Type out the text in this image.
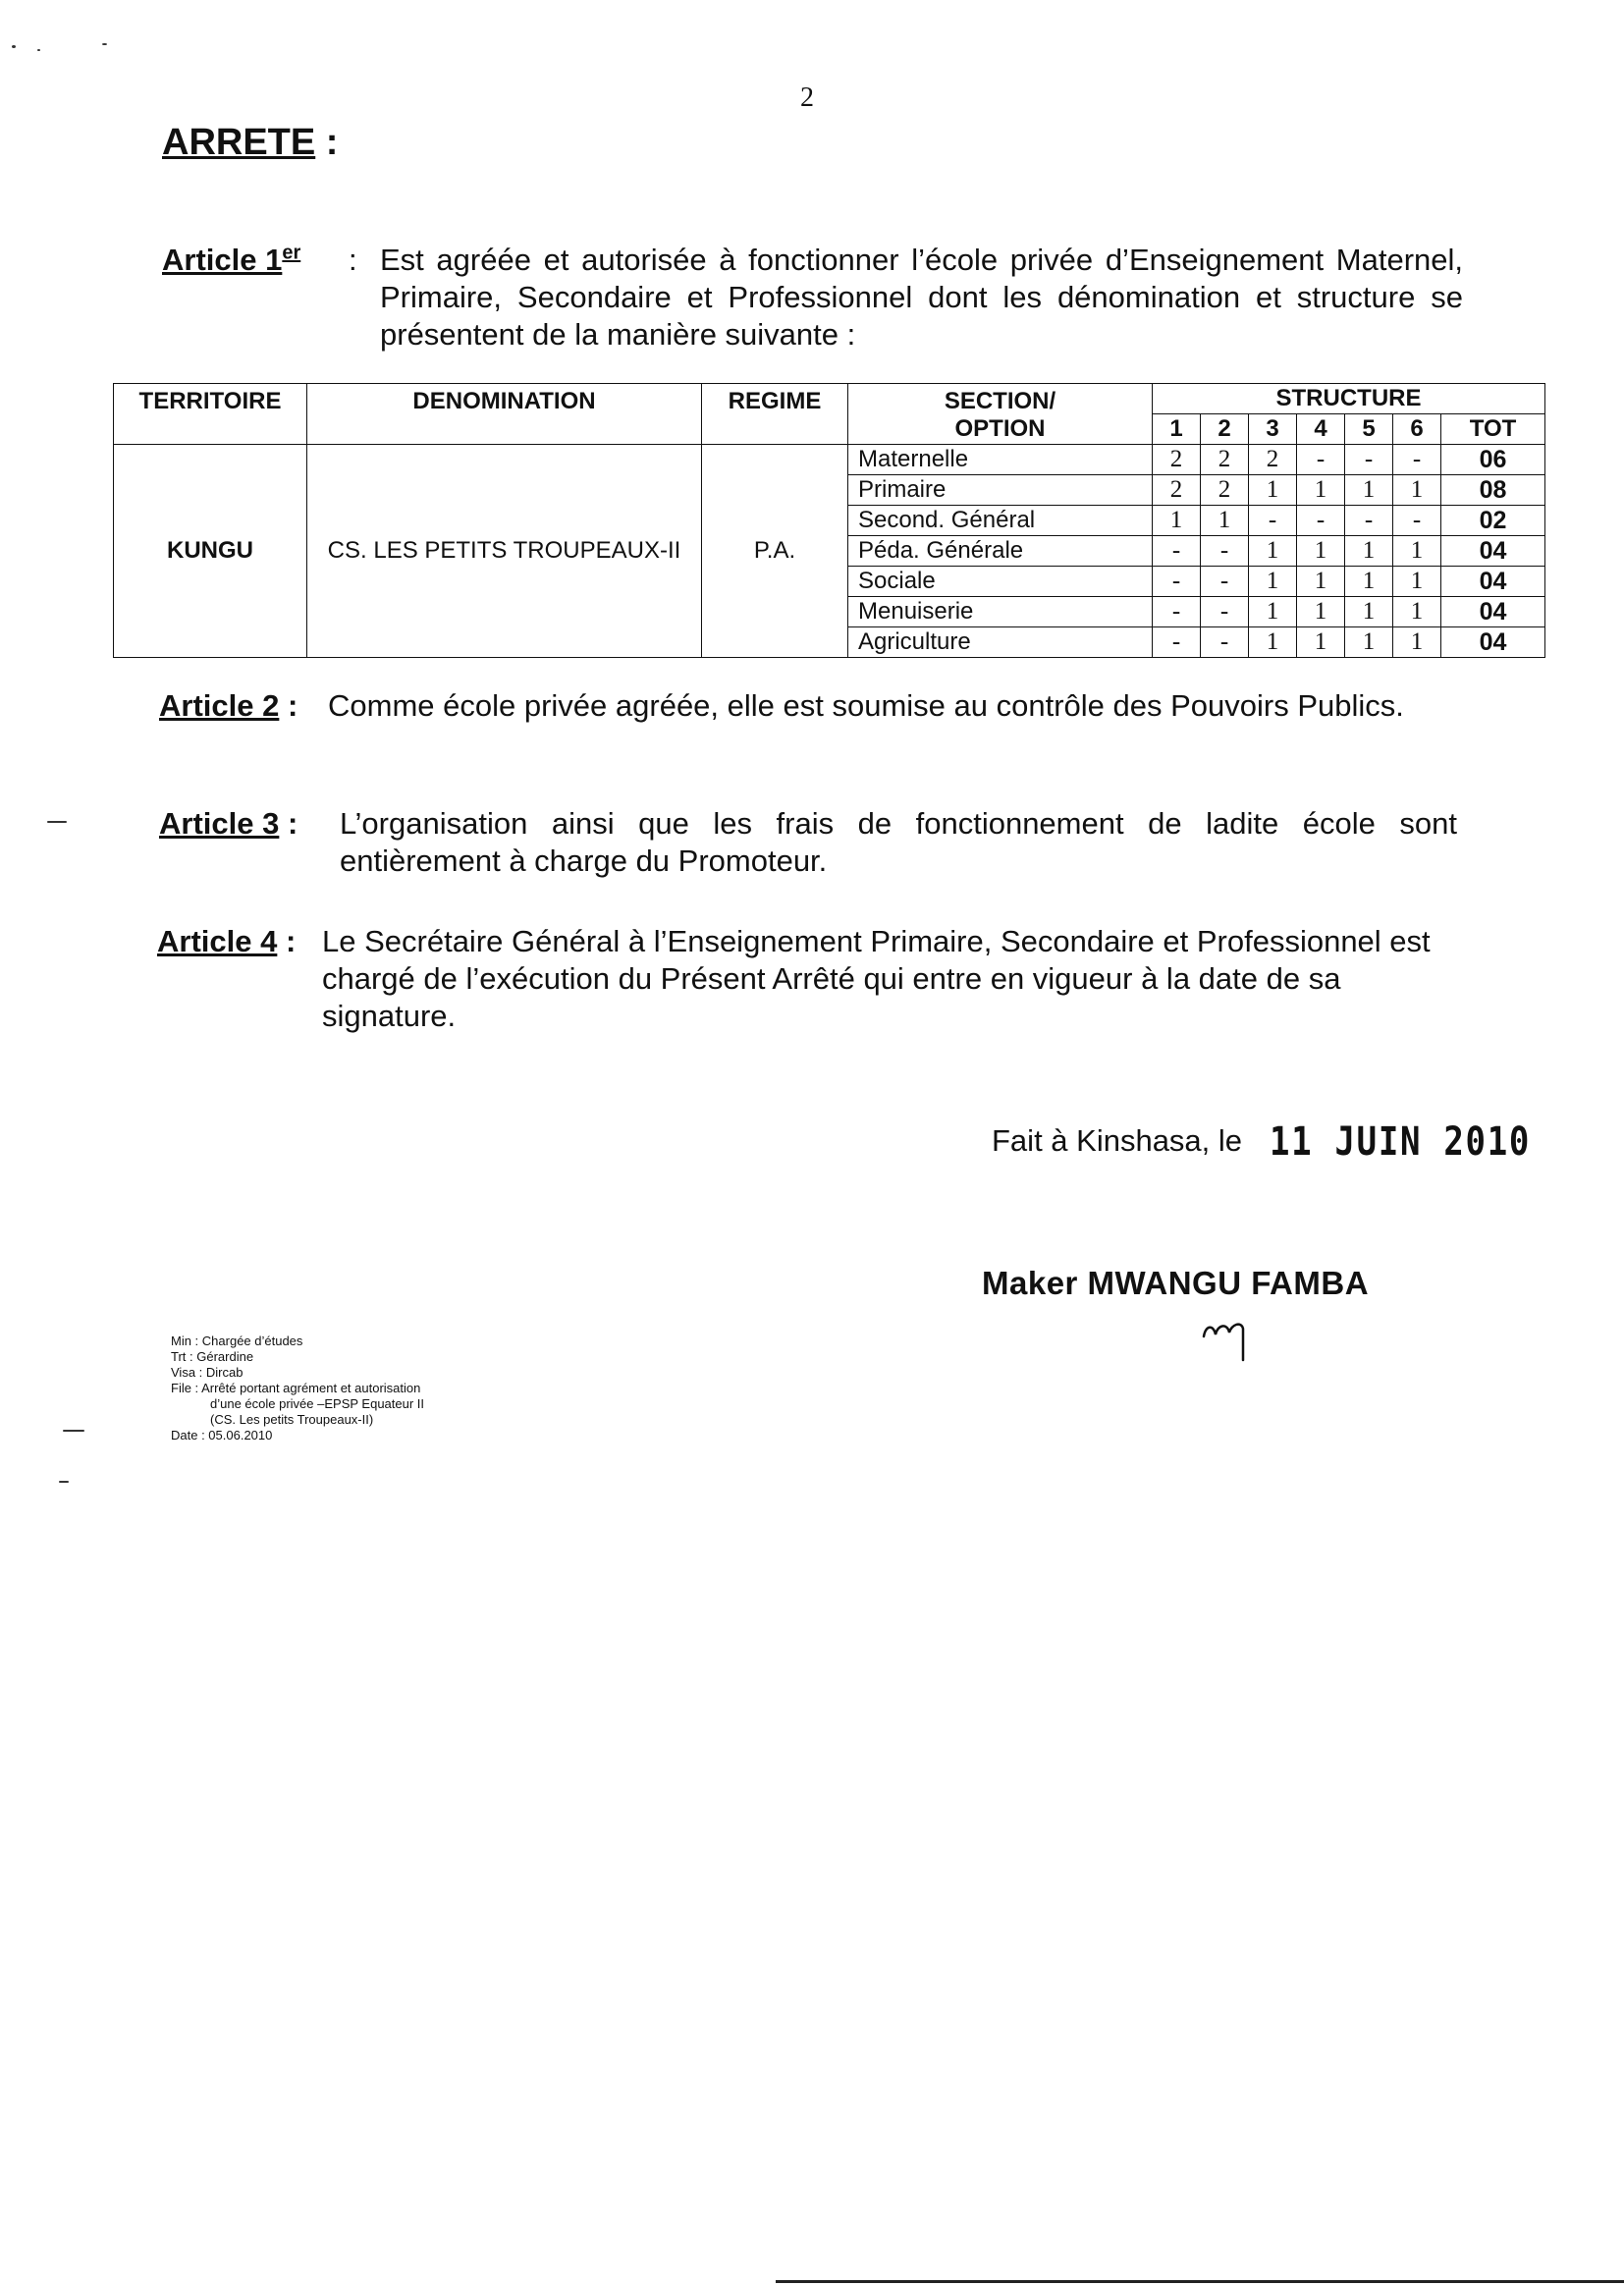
2
ARRETE :
Article 1er : Est agréée et autorisée à fonctionner l’école privée d’Enseignement Maternel, Primaire, Secondaire et Professionnel dont les dénomination et structure se présentent de la manière suivante :
TERRITOIRE	DENOMINATION	REGIME	SECTION/
OPTION	STRUCTURE						
				1	2	3	4	5	6	TOT
KUNGU	CS. LES PETITS TROUPEAUX-II	P.A.	Maternelle	2	2	2	-	-	-	06
			Primaire	2	2	1	1	1	1	08
			Second. Général	1	1	-	-	-	-	02
			Péda. Générale	-	-	1	1	1	1	04
			Sociale	-	-	1	1	1	1	04
			Menuiserie	-	-	1	1	1	1	04
			Agriculture	-	-	1	1	1	1	04
Article 2 : Comme école privée agréée, elle est soumise au contrôle des Pouvoirs Publics.
Article 3 : L’organisation ainsi que les frais de fonctionnement de ladite école sont entièrement à charge du Promoteur.
Article 4 : Le Secrétaire Général à l’Enseignement Primaire, Secondaire et Professionnel est chargé de l’exécution du Présent Arrêté qui entre en vigueur à la date de sa signature.
Fait à Kinshasa, le 11 JUIN 2010
Maker MWANGU FAMBA
Min : Chargée d’études
Trt : Gérardine
Visa : Dircab
File : Arrêté portant agrément et autorisation
d’une école privée –EPSP Equateur II
(CS. Les petits Troupeaux-II)
Date : 05.06.2010
